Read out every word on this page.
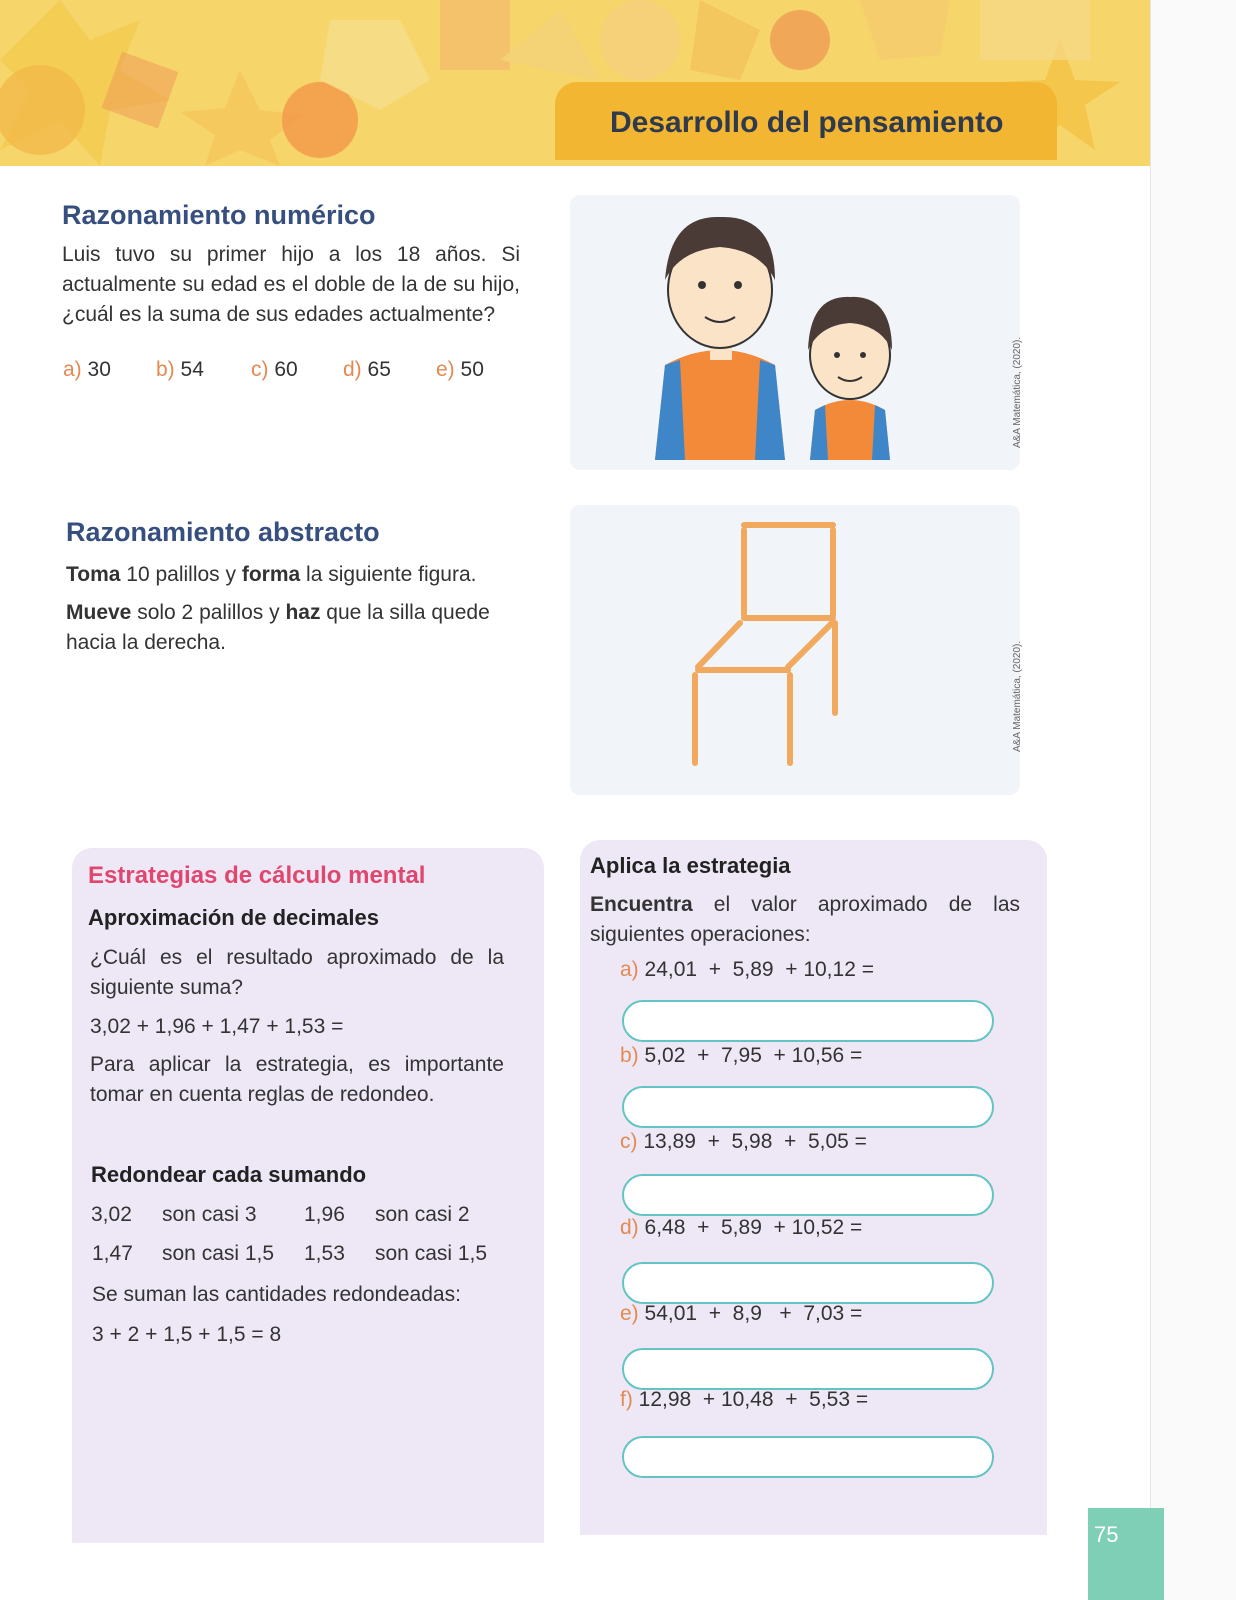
Desarrollo del pensamiento
Razonamiento numérico
Luis tuvo su primer hijo a los 18 años. Si actualmente su edad es el doble de la de su hijo, ¿cuál es la suma de sus edades actualmente?
a) 30 b) 54 c) 60 d) 65 e) 50	A&A Matemática, (2020).
Razonamiento abstracto
Toma 10 palillos y forma la siguiente figura.
Mueve solo 2 palillos y haz que la silla quede hacia la derecha.	A&A Matemática, (2020).
Estrategias de cálculo mental
Aproximación de decimales
¿Cuál es el resultado aproximado de la siguiente suma?
3,02 + 1,96 + 1,47 + 1,53 =
Para aplicar la estrategia, es importante tomar en cuenta reglas de redondeo.
Redondear cada sumando
3,02 son casi 3 1,96 son casi 2
1,47 son casi 1,5 1,53 son casi 1,5
Se suman las cantidades redondeadas:
3 + 2 + 1,5 + 1,5 = 8
Aplica la estrategia
Encuentra el valor aproximado de las siguientes operaciones:
a) 24,01  +  5,89  + 10,12 =
b) 5,02  +  7,95  + 10,56 =
c) 13,89  +  5,98  +  5,05 =
d) 6,48  +  5,89  + 10,52 =
e) 54,01  +  8,9   +  7,03 =
f) 12,98  + 10,48  +  5,53 =
75
